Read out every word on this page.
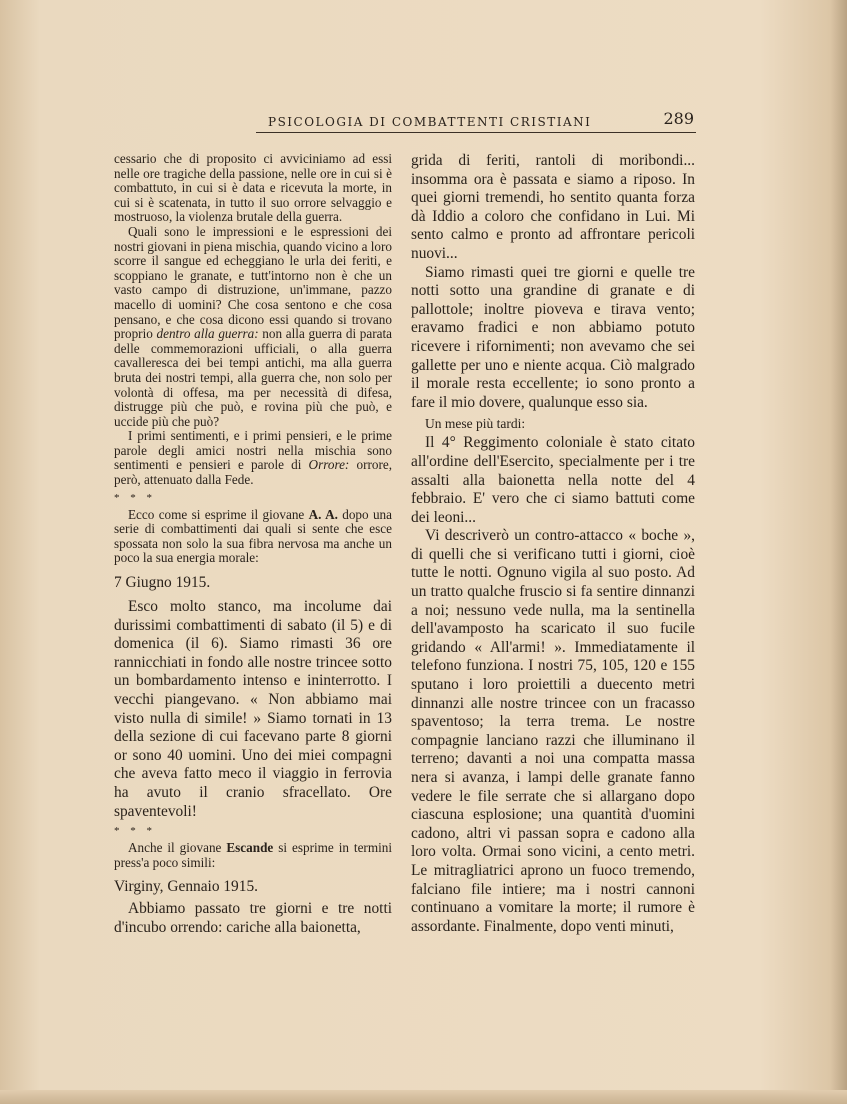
PSICOLOGIA DI COMBATTENTI CRISTIANI	289

cessario che di proposito ci avviciniamo ad essi nelle ore tragiche della passione, nelle ore in cui si è combattuto, in cui si è data e ricevuta la morte, in cui si è scatenata, in tutto il suo orrore selvaggio e mostruoso, la violenza brutale della guerra.

Quali sono le impressioni e le espressioni dei nostri giovani in piena mischia, quando vicino a loro scorre il sangue ed echeggiano le urla dei feriti, e scoppiano le granate, e tutt'intorno non è che un vasto campo di distruzione, un'immane, pazzo macello di uomini? Che cosa sentono e che cosa pensano, e che cosa dicono essi quando si trovano proprio dentro alla guerra: non alla guerra di parata delle commemorazioni ufficiali, o alla guerra cavalleresca dei bei tempi antichi, ma alla guerra bruta dei nostri tempi, alla guerra che, non solo per volontà di offesa, ma per necessità di difesa, distrugge più che può, e rovina più che può, e uccide più che può?

I primi sentimenti, e i primi pensieri, e le prime parole degli amici nostri nella mischia sono sentimenti e pensieri e parole di Orrore: orrore, però, attenuato dalla Fede.

* * *

Ecco come si esprime il giovane A. A. dopo una serie di combattimenti dai quali si sente che esce spossata non solo la sua fibra nervosa ma anche un poco la sua energia morale:

7 Giugno 1915.

Esco molto stanco, ma incolume dai durissimi combattimenti di sabato (il 5) e di domenica (il 6). Siamo rimasti 36 ore rannicchiati in fondo alle nostre trincee sotto un bombardamento intenso e ininterrotto. I vecchi piangevano. « Non abbiamo mai visto nulla di simile! » Siamo tornati in 13 della sezione di cui facevano parte 8 giorni or sono 40 uomini. Uno dei miei compagni che aveva fatto meco il viaggio in ferrovia ha avuto il cranio sfracellato. Ore spaventevoli!

* * *

Anche il giovane Escande si esprime in termini press'a poco simili:

Virginy, Gennaio 1915.

Abbiamo passato tre giorni e tre notti d'incubo orrendo: cariche alla baionetta,

grida di feriti, rantoli di moribondi... insomma ora è passata e siamo a riposo. In quei giorni tremendi, ho sentito quanta forza dà Iddio a coloro che confidano in Lui. Mi sento calmo e pronto ad affrontare pericoli nuovi...

Siamo rimasti quei tre giorni e quelle tre notti sotto una grandine di granate e di pallottole; inoltre pioveva e tirava vento; eravamo fradici e non abbiamo potuto ricevere i rifornimenti; non avevamo che sei gallette per uno e niente acqua. Ciò malgrado il morale resta eccellente; io sono pronto a fare il mio dovere, qualunque esso sia.

Un mese più tardi:

Il 4° Reggimento coloniale è stato citato all'ordine dell'Esercito, specialmente per i tre assalti alla baionetta nella notte del 4 febbraio. E' vero che ci siamo battuti come dei leoni...

Vi descriverò un contro-attacco « boche », di quelli che si verificano tutti i giorni, cioè tutte le notti. Ognuno vigila al suo posto. Ad un tratto qualche fruscio si fa sentire dinnanzi a noi; nessuno vede nulla, ma la sentinella dell'avamposto ha scaricato il suo fucile gridando « All'armi! ». Immediatamente il telefono funziona. I nostri 75, 105, 120 e 155 sputano i loro proiettili a duecento metri dinnanzi alle nostre trincee con un fracasso spaventoso; la terra trema. Le nostre compagnie lanciano razzi che illuminano il terreno; davanti a noi una compatta massa nera si avanza, i lampi delle granate fanno vedere le file serrate che si allargano dopo ciascuna esplosione; una quantità d'uomini cadono, altri vi passan sopra e cadono alla loro volta. Ormai sono vicini, a cento metri. Le mitragliatrici aprono un fuoco tremendo, falciano file intiere; ma i nostri cannoni continuano a vomitare la morte; il rumore è assordante. Finalmente, dopo venti minuti,
